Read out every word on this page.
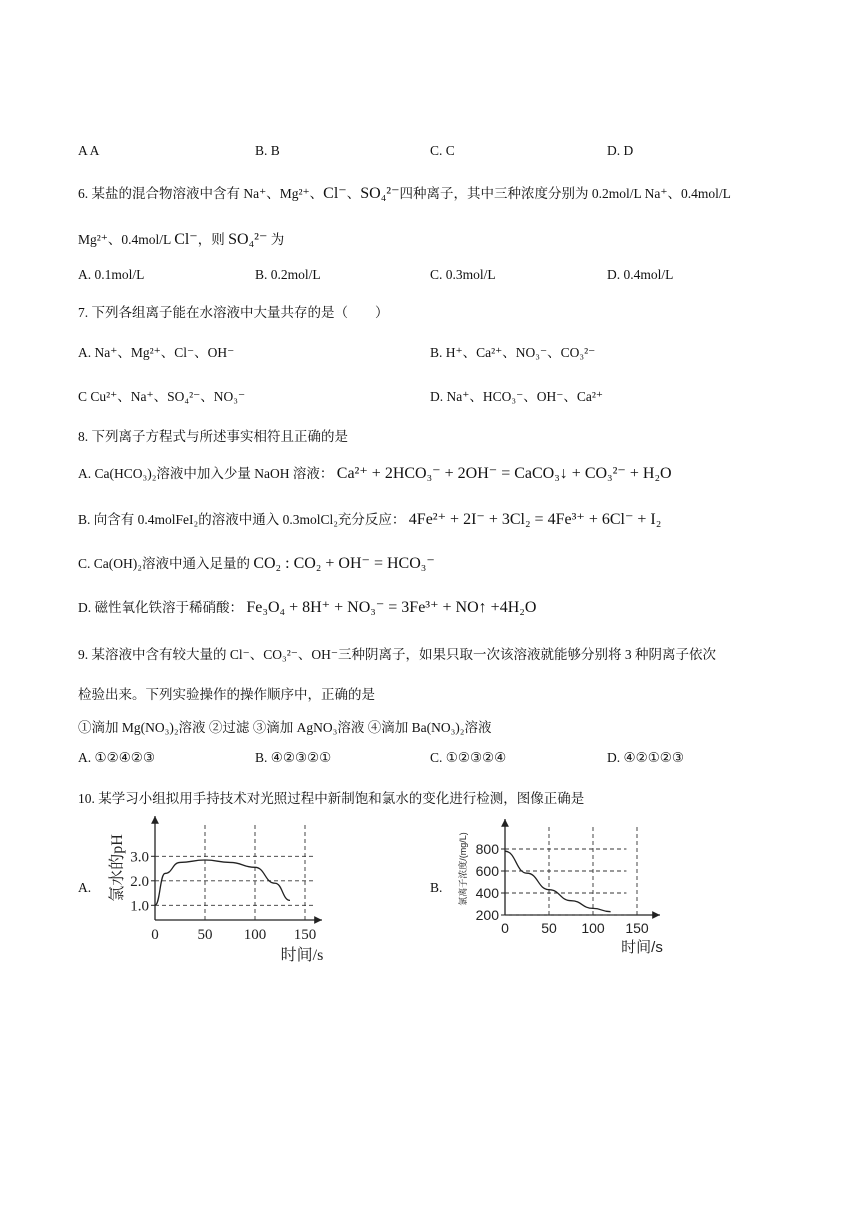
A A	B. B	C. C	D. D
6. 某盐的混合物溶液中含有 Na⁺、Mg²⁺、Cl⁻、SO₄²⁻四种离子，其中三种浓度分别为 0.2mol/L Na⁺、0.4mol/L
Mg²⁺、0.4mol/L Cl⁻，则 SO₄²⁻ 为
A. 0.1mol/L	B. 0.2mol/L	C. 0.3mol/L	D. 0.4mol/L
7. 下列各组离子能在水溶液中大量共存的是（　　）
A. Na⁺、Mg²⁺、Cl⁻、OH⁻	B. H⁺、Ca²⁺、NO₃⁻、CO₃²⁻
C Cu²⁺、Na⁺、SO₄²⁻、NO₃⁻	D. Na⁺、HCO₃⁻、OH⁻、Ca²⁺
8. 下列离子方程式与所述事实相符且正确的是
A. Ca(HCO₃)₂溶液中加入少量 NaOH 溶液： Ca²⁺ + 2HCO₃⁻ + 2OH⁻ = CaCO₃↓ + CO₃²⁻ + H₂O
B. 向含有 0.4molFeI₂的溶液中通入 0.3molCl₂充分反应： 4Fe²⁺ + 2I⁻ + 3Cl₂ = 4Fe³⁺ + 6Cl⁻ + I₂
C. Ca(OH)₂溶液中通入足量的 CO₂ : CO₂ + OH⁻ = HCO₃⁻
D. 磁性氧化铁溶于稀硝酸： Fe₃O₄ + 8H⁺ + NO₃⁻ = 3Fe³⁺ + NO↑ +4H₂O
9. 某溶液中含有较大量的 Cl⁻、CO₃²⁻、OH⁻三种阴离子，如果只取一次该溶液就能够分别将 3 种阴离子依次
检验出来。下列实验操作的操作顺序中，正确的是
①滴加 Mg(NO₃)₂溶液 ②过滤 ③滴加 AgNO₃溶液 ④滴加 Ba(NO₃)₂溶液
A. ①②④②③	B. ④②③②①	C. ①②③②④	D. ④②①②③
10. 某学习小组拟用手持技术对光照过程中新制饱和氯水的变化进行检测，图像正确是
A.	B.
0	50 100 150
1.0
2.0
3.0
时间/s
氯水的pH
0 50 100 150
200
400
600
800
时间/s
氯离子浓度/(mg/L)
